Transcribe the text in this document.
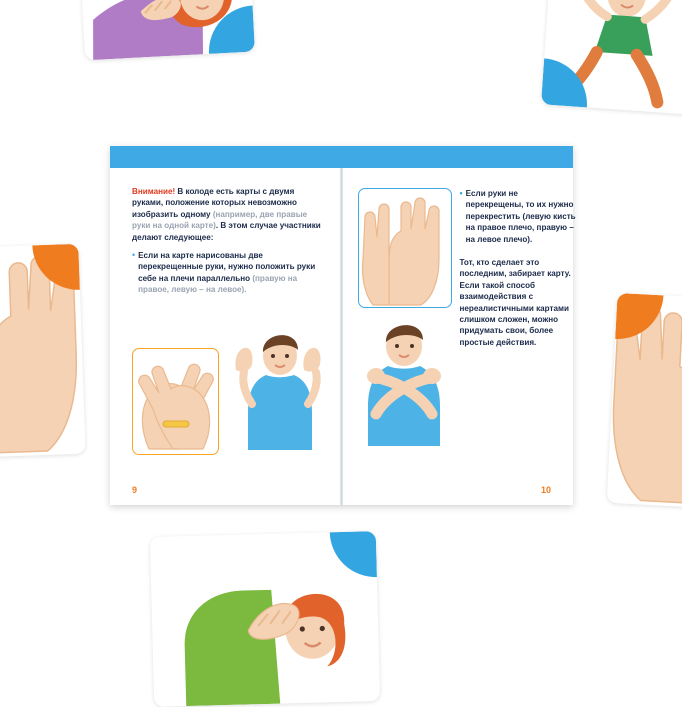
Внимание! В колоде есть карты с двумя руками, положение которых невозможно изобразить одному (например, две правые руки на одной карте). В этом случае участники делают следующее:
• Если на карте нарисованы две перекрещенные руки, нужно положить руки себе на плечи параллельно (правую на правое, левую – на левое).
9
• Если руки не перекрещены, то их нужно перекрестить (левую кисть на правое плечо, правую – на левое плечо).

Тот, кто сделает это последним, забирает карту. Если такой способ взаимодействия с нереалистичными картами слишком сложен, можно придумать свои, более простые действия.

10
